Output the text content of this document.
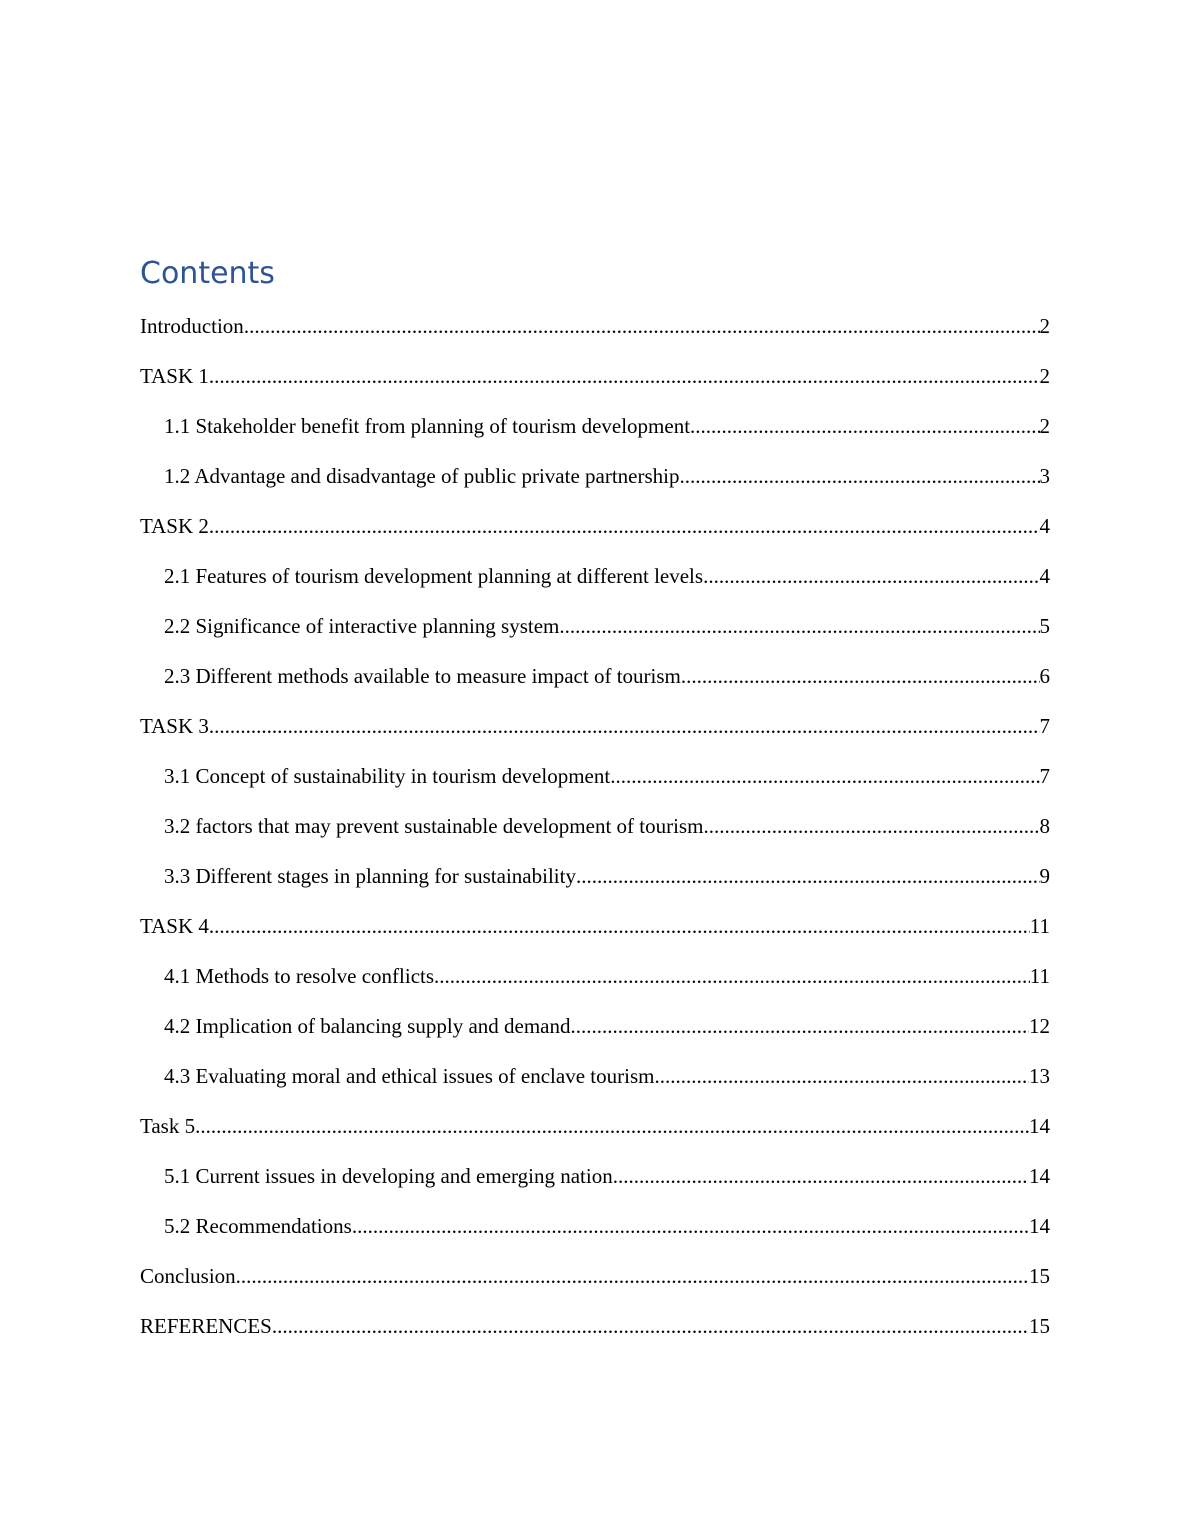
Contents
Introduction .....	2
TASK 1 .....	2
1.1 Stakeholder benefit from planning of tourism development .....	2
1.2 Advantage and disadvantage of public private partnership .....	3
TASK 2 .....	4
2.1 Features of tourism development planning at different levels .....	4
2.2 Significance of interactive planning system .....	5
2.3 Different methods available to measure impact of tourism .....	6
TASK 3 .....	7
3.1 Concept of sustainability in tourism development .....	7
3.2 factors that may prevent sustainable development of tourism .....	8
3.3 Different stages in planning for sustainability .....	9
TASK 4 .....	11
4.1 Methods to resolve conflicts .....	11
4.2 Implication of balancing supply and demand .....	12
4.3 Evaluating moral and ethical issues of enclave tourism .....	13
Task 5 .....	14
5.1 Current issues in developing and emerging nation .....	14
5.2 Recommendations .....	14
Conclusion .....	15
REFERENCES .....	15
